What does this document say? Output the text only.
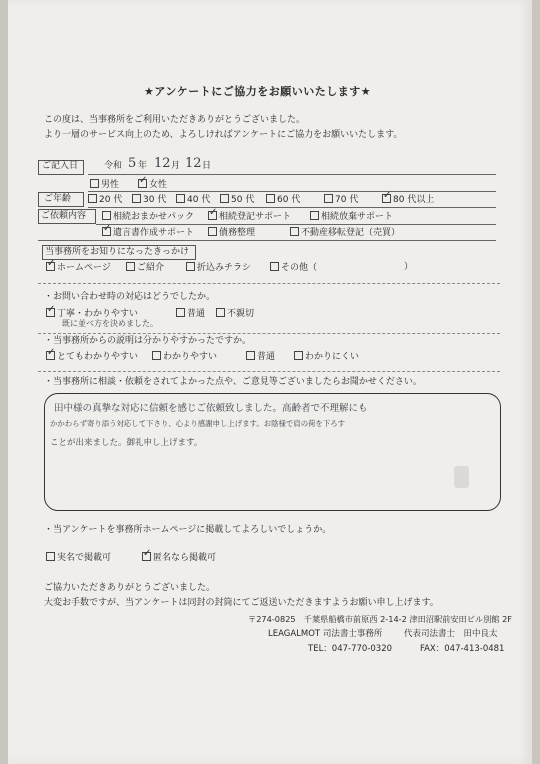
★アンケートにご協力をお願いいたします★
この度は、当事務所をご利用いただきありがとうございました。
より一層のサービス向上のため、よろしければアンケートにご協力をお願いいたします。
ご記入日	令和 5 年 12 月 12 日
男性 ✓	女性
ご年齢	20 代	30 代	40 代	50 代	60 代	70 代 ✓	80 代以上
ご依頼内容	相続おまかせパック ✓	相続登記サポート	相続放棄サポート
✓遺言書作成サポート	債務整理	不動産移転登記（売買）
当事務所をお知りになったきっかけ
✓ホームページ	ご紹介	折込みチラシ	その他（	）
・お問い合わせ時の対応はどうでしたか。
✓丁寧・わかりやすい	普通	不親切
既に並べ方を決めました。
・当事務所からの説明は分かりやすかったですか。
✓とてもわかりやすい	わかりやすい	普通	わかりにくい
・当事務所に相談・依頼をされてよかった点や、ご意見等ございましたらお聞かせください。
田中様の真摯な対応に信頼を感じご依頼致しました。高齢者で不理解にも
かかわらず寄り添う対応して下さり、心より感謝申し上げます。お陰様で肩の荷を下ろす
ことが出来ました。御礼申し上げます。
・当アンケートを事務所ホームページに掲載してよろしいでしょうか。
実名で掲載可 ✓	匿名なら掲載可
ご協力いただきありがとうございました。
大変お手数ですが、当アンケートは同封の封筒にてご返送いただきますようお願い申し上げます。
〒274-0825　千葉県船橋市前原西 2-14-2 津田沼駅前安田ビル別館 2F
LEAGALMOT 司法書士事務所	代表司法書士　田中良太
TEL：047-770-0320	FAX：047-413-0481
